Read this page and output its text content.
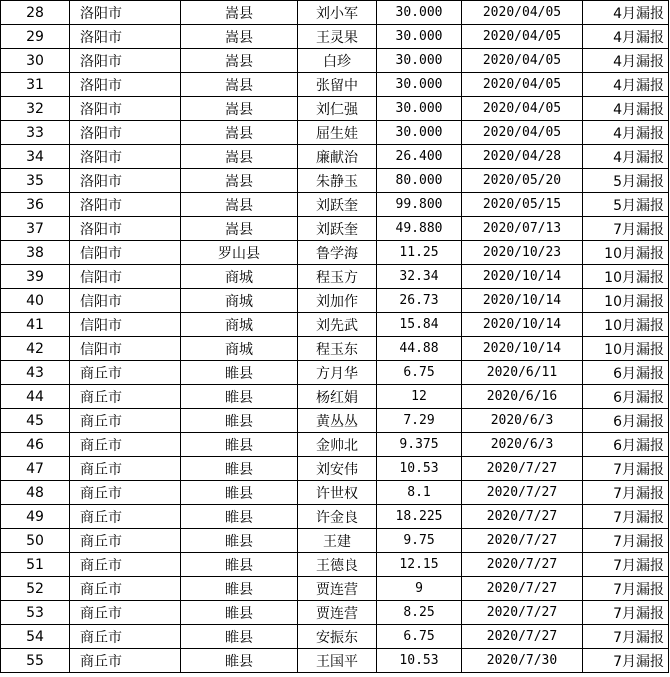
28	洛阳市	嵩县	刘小军	30.000	2020/04/05	4月漏报
29	洛阳市	嵩县	王灵果	30.000	2020/04/05	4月漏报
30	洛阳市	嵩县	白珍	30.000	2020/04/05	4月漏报
31	洛阳市	嵩县	张留中	30.000	2020/04/05	4月漏报
32	洛阳市	嵩县	刘仁强	30.000	2020/04/05	4月漏报
33	洛阳市	嵩县	屈生娃	30.000	2020/04/05	4月漏报
34	洛阳市	嵩县	廉献治	26.400	2020/04/28	4月漏报
35	洛阳市	嵩县	朱静玉	80.000	2020/05/20	5月漏报
36	洛阳市	嵩县	刘跃奎	99.800	2020/05/15	5月漏报
37	洛阳市	嵩县	刘跃奎	49.880	2020/07/13	7月漏报
38	信阳市	罗山县	鲁学海	11.25	2020/10/23	10月漏报
39	信阳市	商城	程玉方	32.34	2020/10/14	10月漏报
40	信阳市	商城	刘加作	26.73	2020/10/14	10月漏报
41	信阳市	商城	刘先武	15.84	2020/10/14	10月漏报
42	信阳市	商城	程玉东	44.88	2020/10/14	10月漏报
43	商丘市	睢县	方月华	6.75	2020/6/11	6月漏报
44	商丘市	睢县	杨红娟	12	2020/6/16	6月漏报
45	商丘市	睢县	黄丛丛	7.29	2020/6/3	6月漏报
46	商丘市	睢县	金帅北	9.375	2020/6/3	6月漏报
47	商丘市	睢县	刘安伟	10.53	2020/7/27	7月漏报
48	商丘市	睢县	许世权	8.1	2020/7/27	7月漏报
49	商丘市	睢县	许金良	18.225	2020/7/27	7月漏报
50	商丘市	睢县	王建	9.75	2020/7/27	7月漏报
51	商丘市	睢县	王德良	12.15	2020/7/27	7月漏报
52	商丘市	睢县	贾连营	9	2020/7/27	7月漏报
53	商丘市	睢县	贾连营	8.25	2020/7/27	7月漏报
54	商丘市	睢县	安振东	6.75	2020/7/27	7月漏报
55	商丘市	睢县	王国平	10.53	2020/7/30	7月漏报
